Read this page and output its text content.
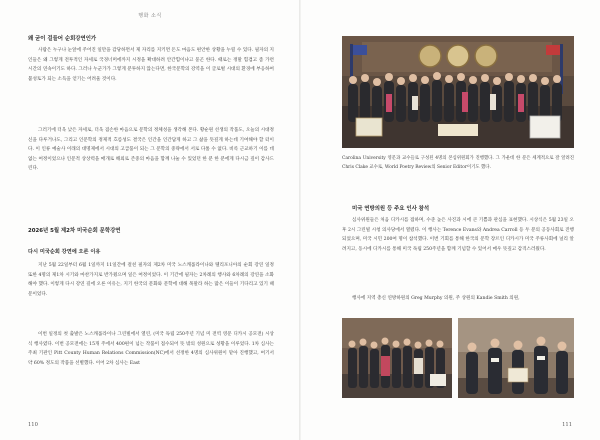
행화 소식
왜 굳이 걸들어 순회강연인가

사람은 누구나 눈앞에 주어진 일만을 감당하면서 제 자리를 지키면 돈도 마음도 편안한 상황을 누릴 수 있다. 필자의 지인들은 왜 그렇게 전투적인 자세로 국경너머에까지 시정을 확대하려 안간힘이냐고 묻곤 한다. 때로는 정말 힘겹고 좀 가련 시간의 연속이기도 하다. 그러나 누군가가 그렇게 분투하지 않는다면, 한국문학의 강역을 이 글로벌 시대의 환경에 부응하여 불성토가 되는 소득을 얻기는 어려울 것이다.

그러기에 더욱 낮은 자세로, 더욱 겸손한 마음으로 문학의 정체성을 생각해 본다. 황순원 선생의 작품도, 오늘의 시대정신을 다루거나도, 그리고 인문학의 정제적 흐름성도 결국은 인간을 인간답게 하고 그 삶을 뜻깊게 하는데 기여해야 할 터이다. 이 인류 예술사 이래의 대명제에서 시대의 고급품이 되는 그 문학의 중략에서 서로 다툼 수 없다. 비록 근교하기 이를 데 없는 여정이었으나 인문적 상상력을 매개로 해외로 존중의 마음을 함께 나눌 수 있었던 한 분 한 분에게 다시금 깊이 감사드린다.

2026년 5월 제2차 미국순회 문학강연
다시 미국순회 강연에 오른 이유

지난 5월 22일부터 6월 1일까지 11일간에 걸친 필자의 제2차 미국 노스캐롤라이나와 텔리포니아의 순회 강연 일정 또한 4명의 제1차 시기와 마찬가지로 반가웠으며 일은 여정이었다. 이 기간에 필자는 2차례의 행사와 6차례의 강연을 소화해야 했다. 이렇게 다시 강연 길에 오른 이유는, 지기 한국의 문화와 문학에 대해 목말라 하는 많은 이들이 기다리고 있기 때문이었다.

이번 일정의 첫 출발은 노스캐롤라이나 그린빌에서 열린, (미국 독립 250주년 기념 미 전역 영문 디카시 공모전) 시상식 행사였다. 이번 공모전에는 15개 주에서 400편이 넘는 작품이 접수되어 뜻 밖의 성원으로 성황을 이루었다. 1차 심사는 주최 기관인 Pitt County Human Relations Commission(NC)에서 선정한 4명의 심사위원이 맡아 진행했고, 여기서 약 60% 정도의 작품을 선별했다. 이어 2차 심사는 East

110

Carolina University 영문과 교수들로 구성된 4명의 본심위원회가 진행했다. 그 가운데 한 분은 세계적으로 잘 알려진 Chris Clake 교수로, World Poetry Review의 Senior Editor이기도 했다.

미국 연방의원 등 주요 인사 참석

심사위원들은 처음 디카시를 접하며, 수준 높은 사진과 시에 큰 기쁨과 관심을 표현했다. 시상식은 5월 23일 오후 2시 그린빌 시청 의사당에서 열렸다. 이 행사는 Terence Evans와 Andrea Carroll 등 두 분의 공동사회로 진행되었으며, 미국 시민 200여 명이 참석했다. 이번 기회를 통해 한국의 문학 장르인 디카시가 미국 주류사회에 널리 알려지고, 동시에 디카시를 통해 미국 독립 250주년을 함께 기념할 수 있어서 매우 뜻깊고 감격스러웠다.

행사에 지역 총신 연방하원의 Greg Murphy 의원, 주 상원의 Kandie Smith 의원,

111
